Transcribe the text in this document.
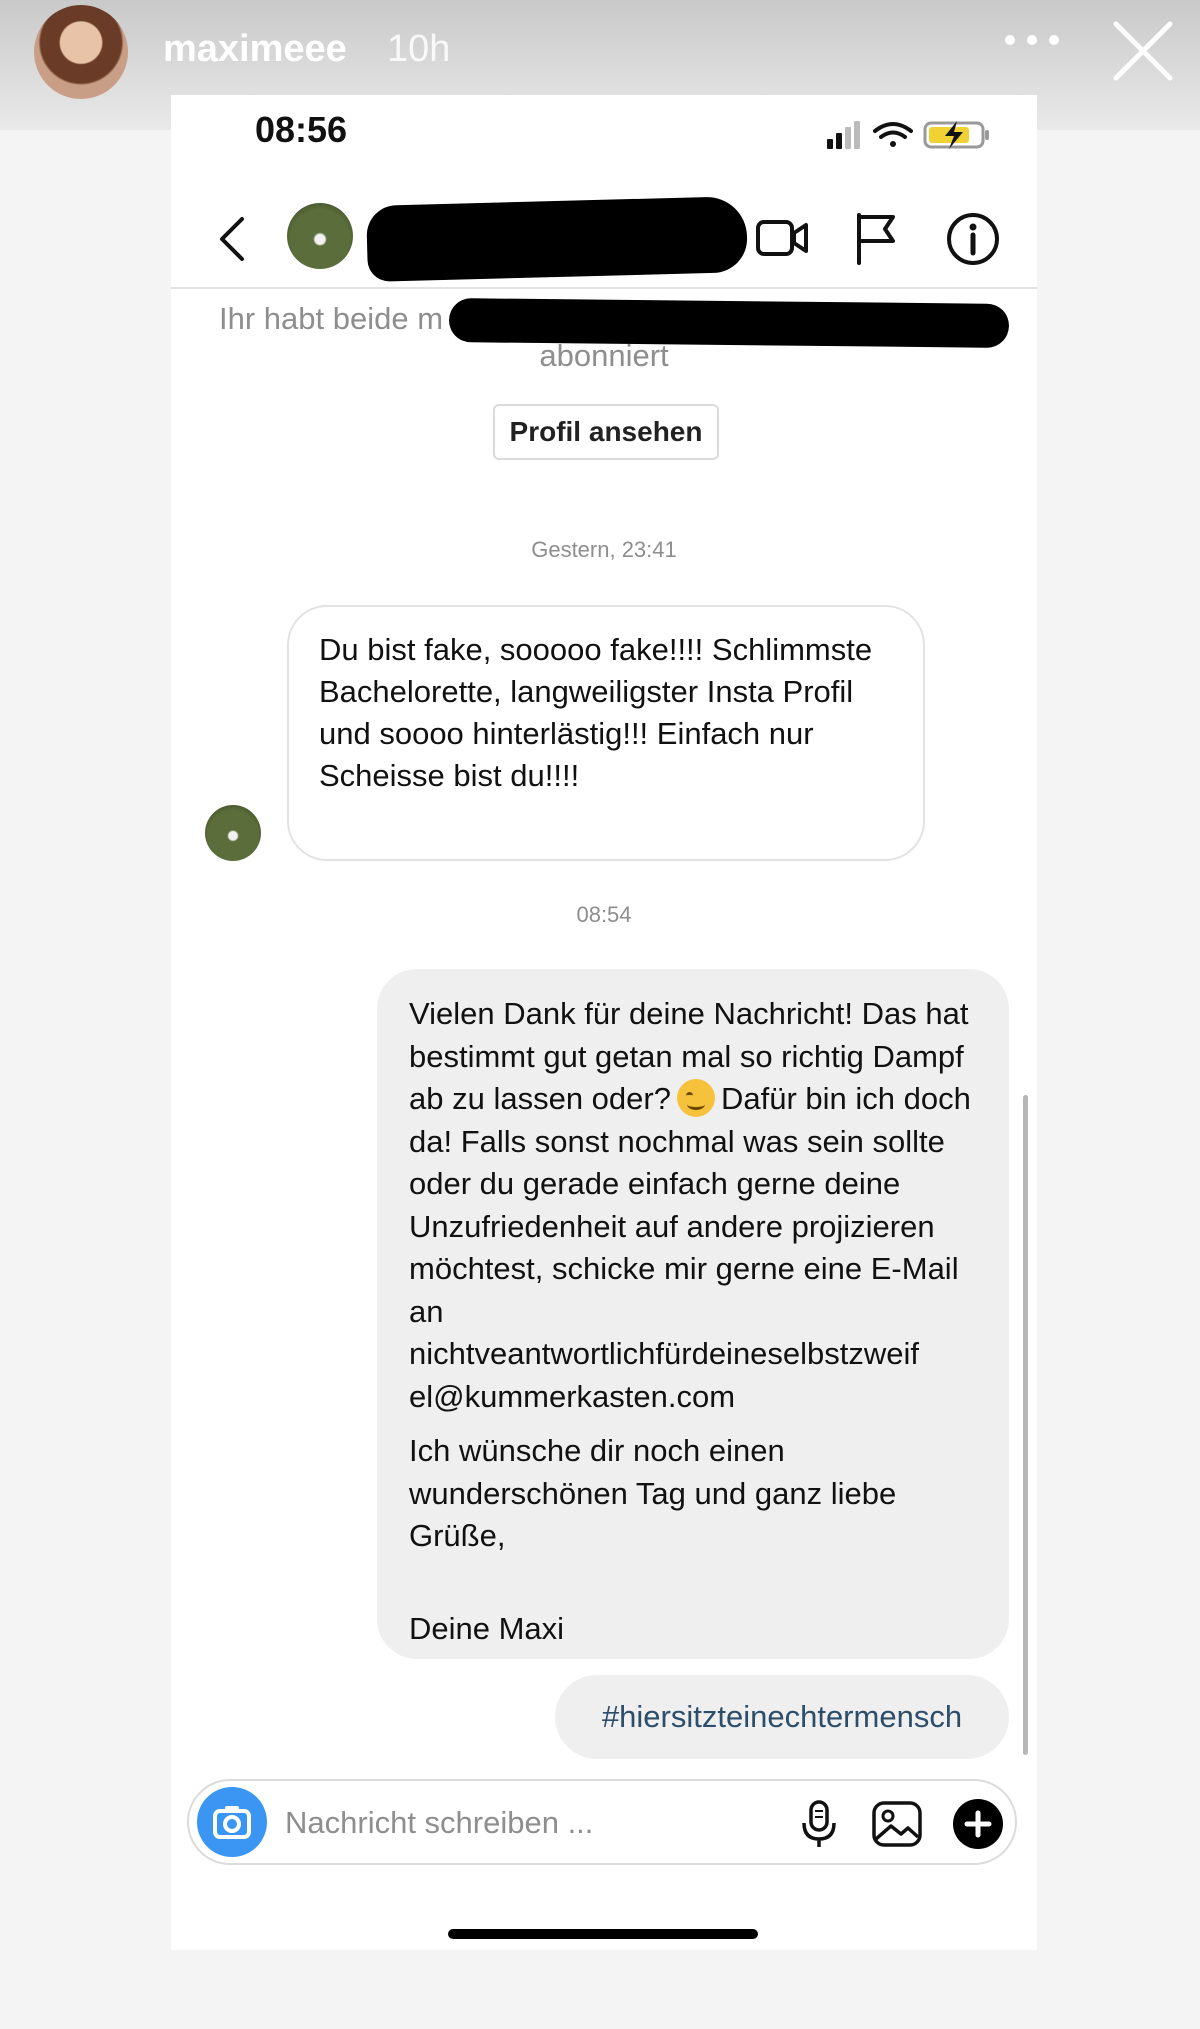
maximeee 10h
08:56
Ihr habt beide m
abonniert
Profil ansehen
Gestern, 23:41
Du bist fake, sooooo fake!!!! Schlimmste Bachelorette, langweiligster Insta Profil und soooo hinterlästig!!! Einfach nur Scheisse bist du!!!!
08:54

Vielen Dank für deine Nachricht! Das hat bestimmt gut getan mal so richtig Dampf ab zu lassen oder? Dafür bin ich doch da! Falls sonst nochmal was sein sollte oder du gerade einfach gerne deine Unzufriedenheit auf andere projizieren möchtest, schicke mir gerne eine E-Mail an

nichtveantwortlichfürdeineselbstzweif

el@kummerkasten.com

Ich wünsche dir noch einen wunderschönen Tag und ganz liebe Grüße,

Deine Maxi

#hiersitzteinechtermensch
Nachricht schreiben ...
